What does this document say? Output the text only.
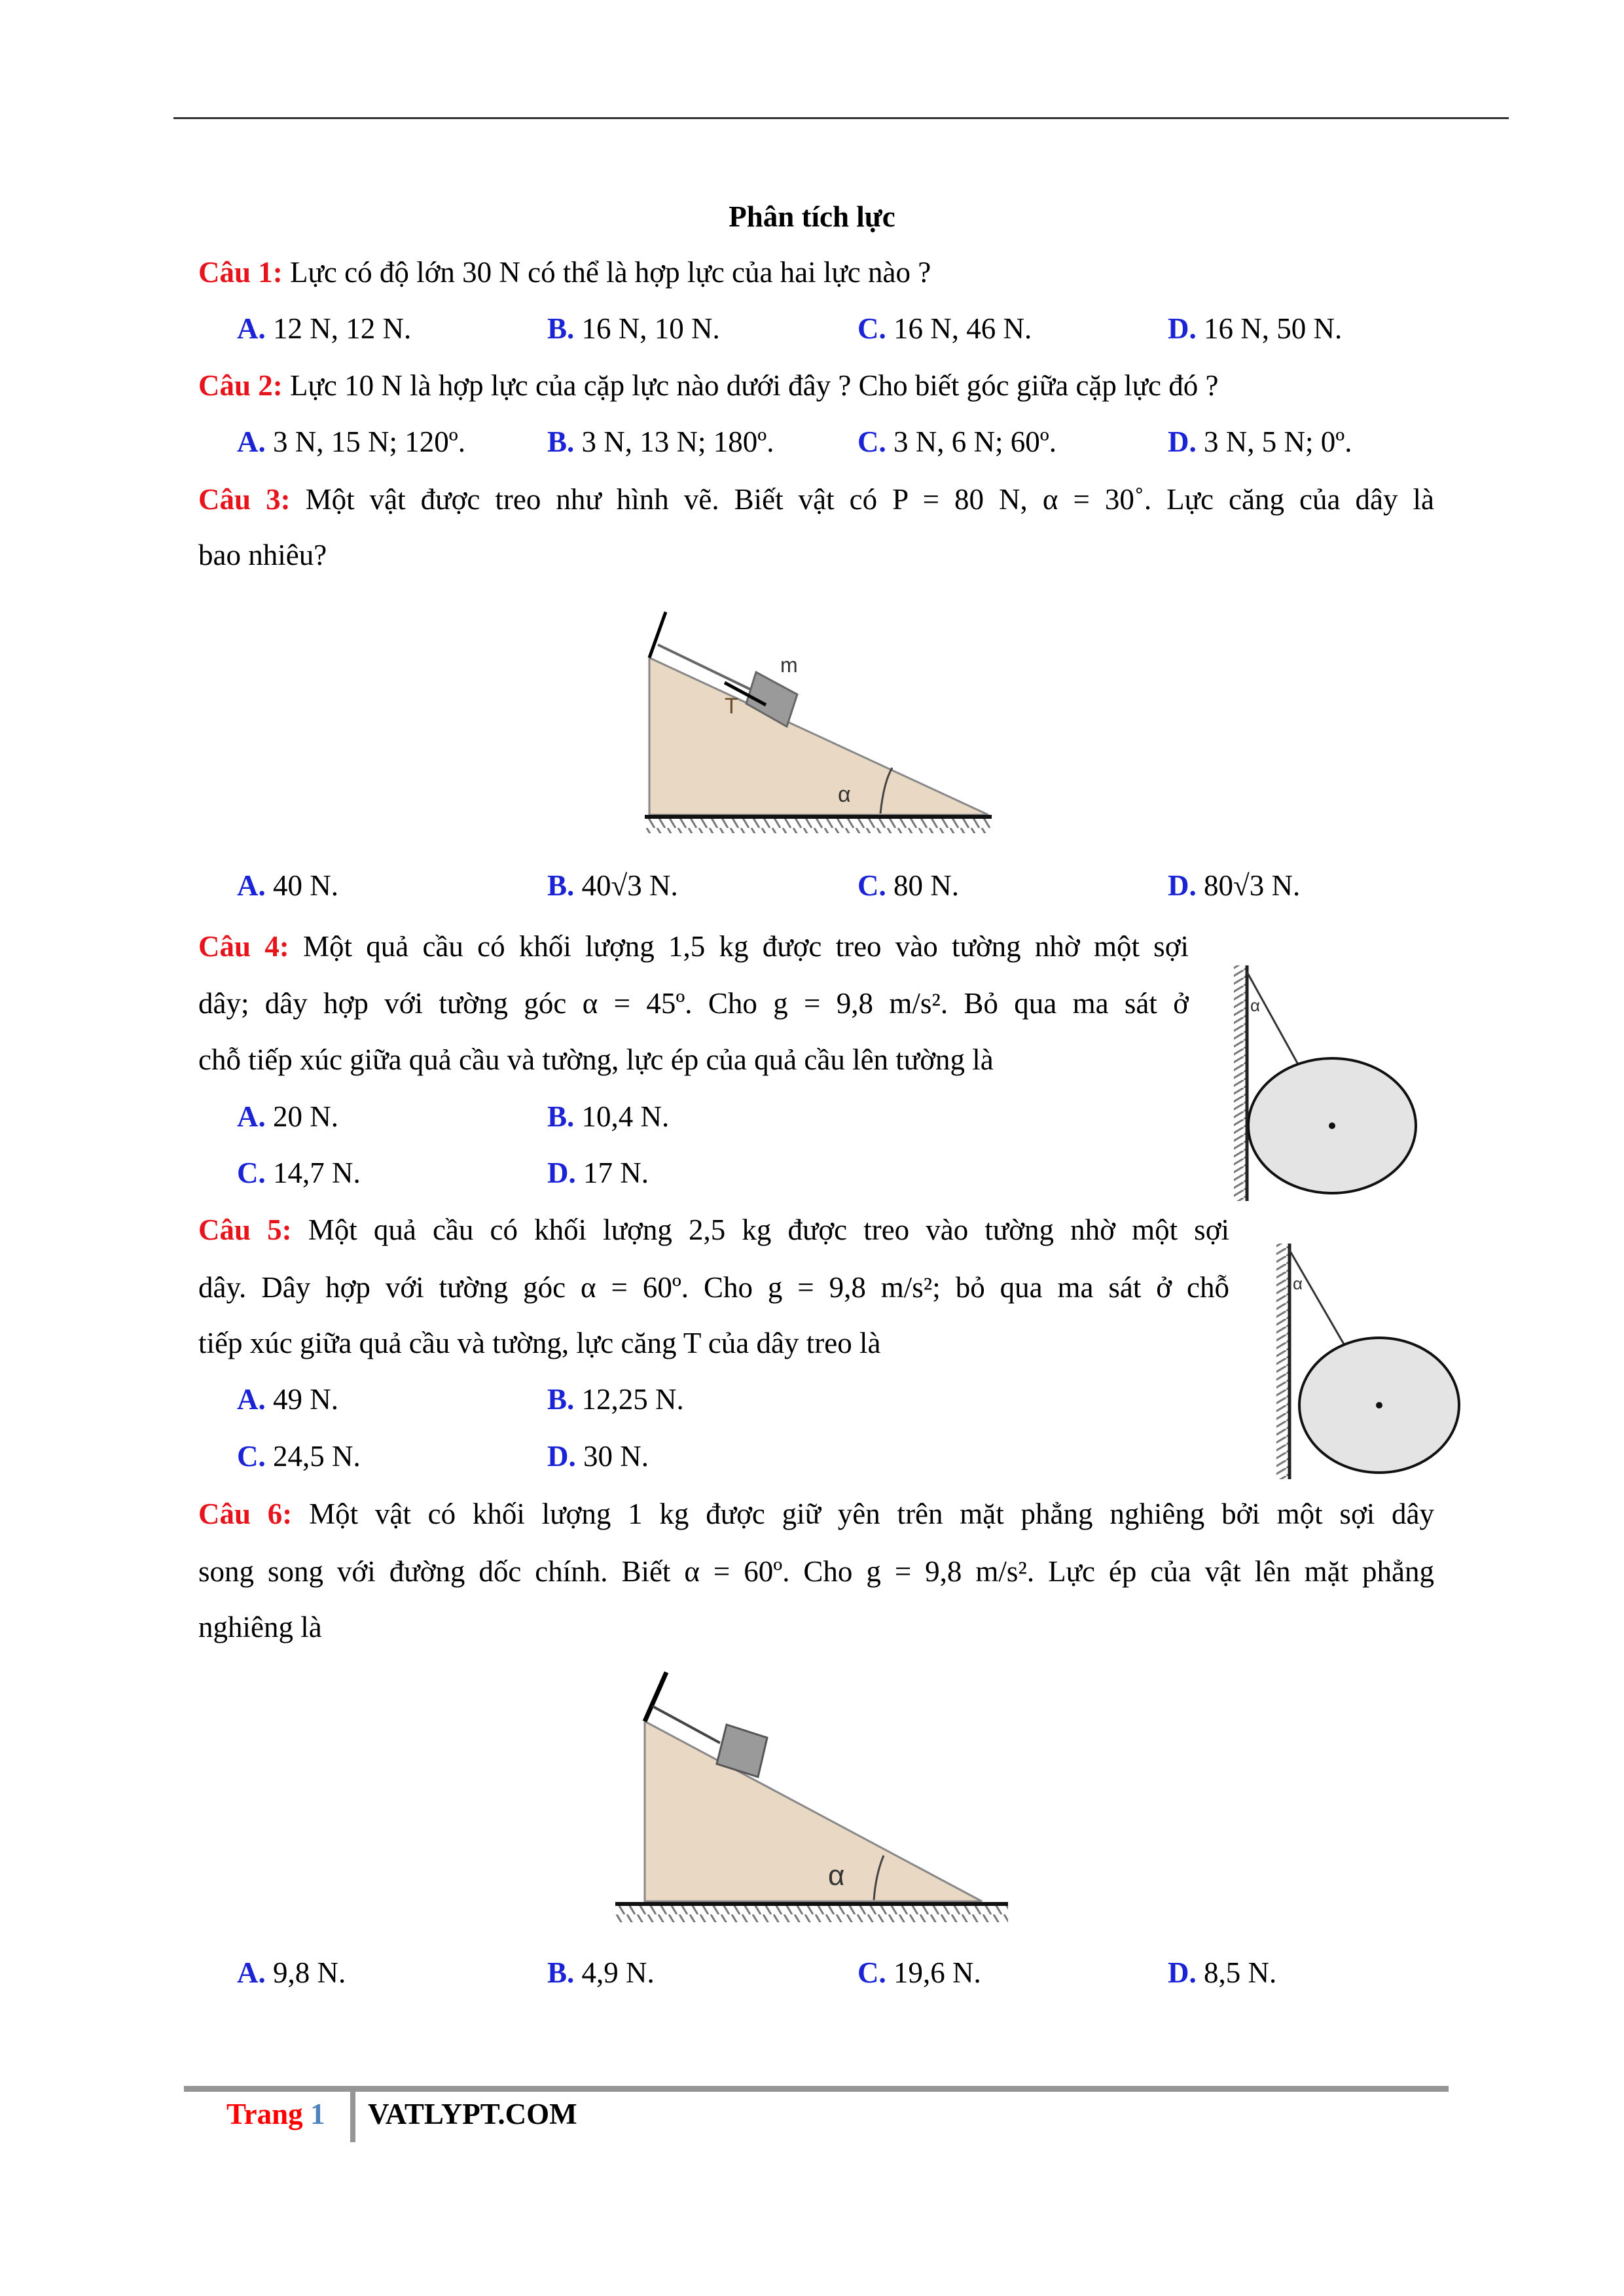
Phân tích lực
Câu 1: Lực có độ lớn 30 N có thể là hợp lực của hai lực nào ?
A. 12 N, 12 N.	B. 16 N, 10 N.	C. 16 N, 46 N.	D. 16 N, 50 N.
Câu 2: Lực 10 N là hợp lực của cặp lực nào dưới đây ? Cho biết góc giữa cặp lực đó ?
A. 3 N, 15 N; 120º.	B. 3 N, 13 N; 180º.	C. 3 N, 6 N; 60º.	D. 3 N, 5 N; 0º.
Câu 3: Một vật được treo như hình vẽ. Biết vật có P = 80 N, α = 30˚. Lực căng của dây là
bao nhiêu?
T
m
α
A. 40 N.	B. 40√3 N.	C. 80 N.	D. 80√3 N.
Câu 4: Một quả cầu có khối lượng 1,5 kg được treo vào tường nhờ một sợi
dây; dây hợp với tường góc α = 45º. Cho g = 9,8 m/s². Bỏ qua ma sát ở
chỗ tiếp xúc giữa quả cầu và tường, lực ép của quả cầu lên tường là
A. 20 N.	B. 10,4 N.
C. 14,7 N.	D. 17 N.
α
Câu 5: Một quả cầu có khối lượng 2,5 kg được treo vào tường nhờ một sợi
dây. Dây hợp với tường góc α = 60º. Cho g = 9,8 m/s²; bỏ qua ma sát ở chỗ
tiếp xúc giữa quả cầu và tường, lực căng T của dây treo là
A. 49 N.	B. 12,25 N.
C. 24,5 N.	D. 30 N.
α
Câu 6: Một vật có khối lượng 1 kg được giữ yên trên mặt phẳng nghiêng bởi một sợi dây
song song với đường dốc chính. Biết α = 60º. Cho g = 9,8 m/s². Lực ép của vật lên mặt phẳng
nghiêng là
α
A. 9,8 N.	B. 4,9 N.	C. 19,6 N.	D. 8,5 N.
Trang 1 VATLYPT.COM
